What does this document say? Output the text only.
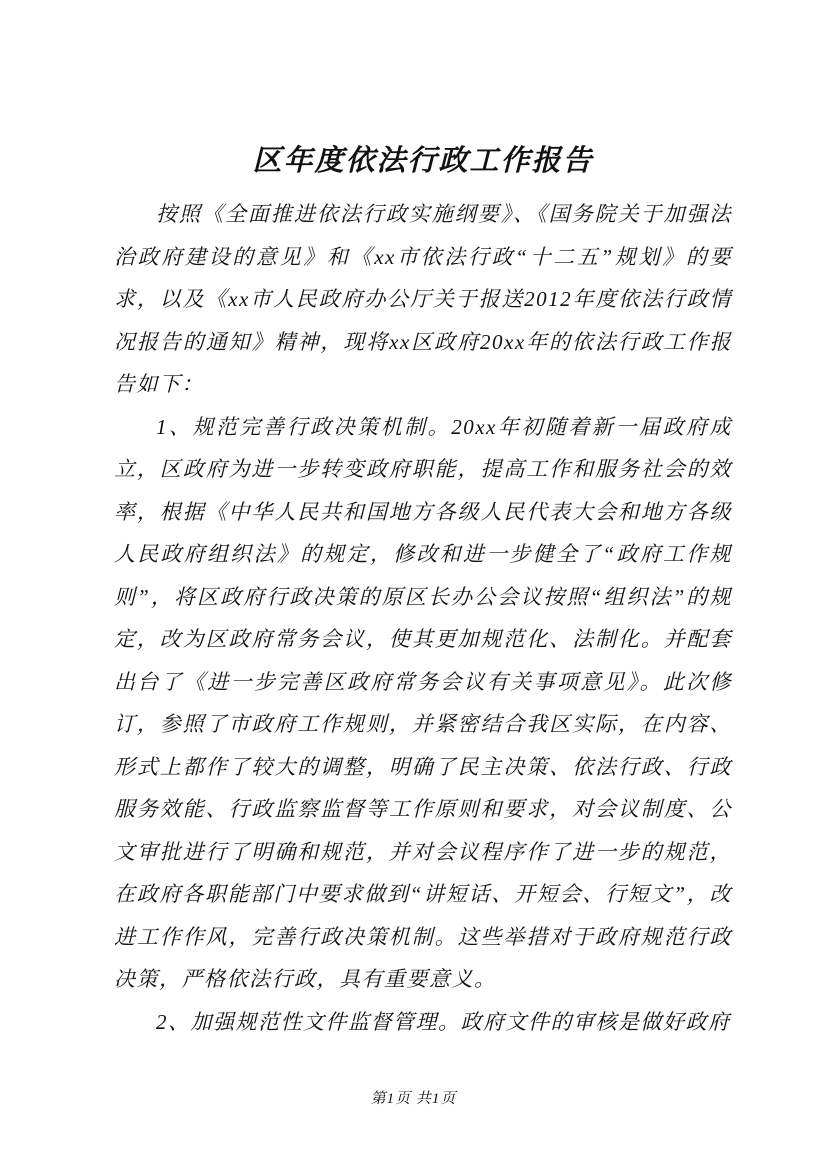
区年度依法行政工作报告

按照《全面推进依法行政实施纲要》、《国务院关于加强法治政府建设的意见》和《xx市依法行政“十二五”规划》的要求，以及《xx市人民政府办公厅关于报送2012年度依法行政情况报告的通知》精神，现将xx区政府20xx年的依法行政工作报告如下：

1、规范完善行政决策机制。20xx年初随着新一届政府成立，区政府为进一步转变政府职能，提高工作和服务社会的效率，根据《中华人民共和国地方各级人民代表大会和地方各级人民政府组织法》的规定，修改和进一步健全了“政府工作规则”，将区政府行政决策的原区长办公会议按照“组织法”的规定，改为区政府常务会议，使其更加规范化、法制化。并配套出台了《进一步完善区政府常务会议有关事项意见》。此次修订，参照了市政府工作规则，并紧密结合我区实际，在内容、形式上都作了较大的调整，明确了民主决策、依法行政、行政服务效能、行政监察监督等工作原则和要求，对会议制度、公文审批进行了明确和规范，并对会议程序作了进一步的规范，在政府各职能部门中要求做到“讲短话、开短会、行短文”，改进工作作风，完善行政决策机制。这些举措对于政府规范行政决策，严格依法行政，具有重要意义。

2、加强规范性文件监督管理。政府文件的审核是做好政府

第1页 共1页
